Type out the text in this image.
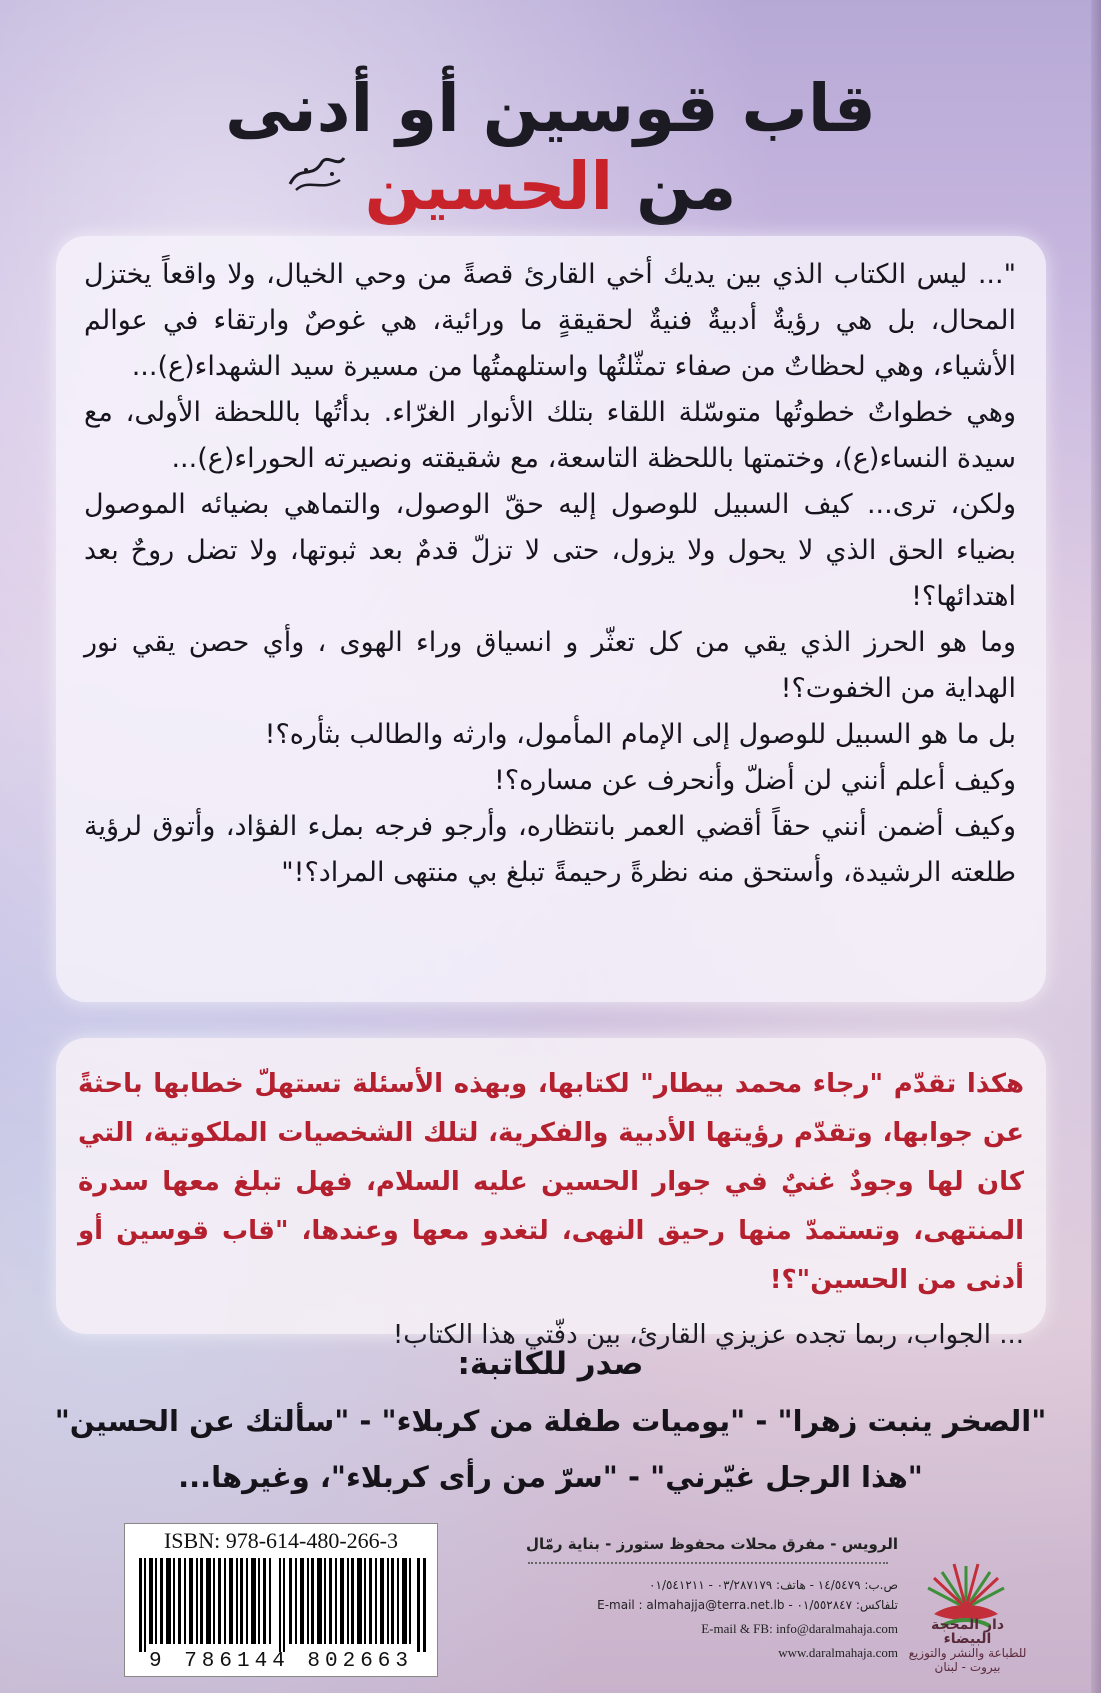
قاب قوسين أو أدنى
من الحسين

"... ليس الكتاب الذي بين يديك أخي القارئ قصةً من وحي الخيال، ولا واقعاً يختزل المحال، بل هي رؤيةٌ أدبيةٌ فنيةٌ لحقيقةٍ ما ورائية، هي غوصٌ وارتقاء في عوالم الأشياء، وهي لحظاتٌ من صفاء تمثّلتُها واستلهمتُها من مسيرة سيد الشهداء(ع)...

وهي خطواتٌ خطوتُها متوسّلة اللقاء بتلك الأنوار الغرّاء. بدأتُها باللحظة الأولى، مع سيدة النساء(ع)، وختمتها باللحظة التاسعة، مع شقيقته ونصيرته الحوراء(ع)...

ولكن، ترى... كيف السبيل للوصول إليه حقّ الوصول، والتماهي بضيائه الموصول بضياء الحق الذي لا يحول ولا يزول، حتى لا تزلّ قدمٌ بعد ثبوتها، ولا تضل روحٌ بعد اهتدائها؟!

وما هو الحرز الذي يقي من كل تعثّر و انسياق وراء الهوى ، وأي حصن يقي نور الهداية من الخفوت؟!

بل ما هو السبيل للوصول إلى الإمام المأمول، وارثه والطالب بثأره؟!

وكيف أعلم أنني لن أضلّ وأنحرف عن مساره؟!

وكيف أضمن أنني حقاً أقضي العمر بانتظاره، وأرجو فرجه بملء الفؤاد، وأتوق لرؤية طلعته الرشيدة، وأستحق منه نظرةً رحيمةً تبلغ بي منتهى المراد؟!"

هكذا تقدّم "رجاء محمد بيطار" لكتابها، وبهذه الأسئلة تستهلّ خطابها باحثةً عن جوابها، وتقدّم رؤيتها الأدبية والفكرية، لتلك الشخصيات الملكوتية، التي كان لها وجودٌ غنيٌ في جوار الحسين عليه السلام، فهل تبلغ معها سدرة المنتهى، وتستمدّ منها رحيق النهى، لتغدو معها وعندها، "قاب قوسين أو أدنى من الحسين"؟!

... الجواب، ربما تجده عزيزي القارئ، بين دفّتي هذا الكتاب!

صدر للكاتبة:
"الصخر ينبت زهرا" - "يوميات طفلة من كربلاء" - "سألتك عن الحسين"
"هذا الرجل غيّرني" - "سرّ من رأى كربلاء"، وغيرها...
ISBN: 978-614-480-266-3
9 786144 802663
الرويس - مفرق محلات محفوظ ستورز - بناية رمّال
ص.ب: ١٤/٥٤٧٩ - هاتف: ٠٣/٢٨٧١٧٩ - ٠١/٥٤١٢١١
تلفاكس: ٠١/٥٥٢٨٤٧ - E-mail : almahajja@terra.net.lb
E-mail & FB: info@daralmahaja.com
www.daralmahaja.com
دار المحجة البيضاء
للطباعة والنشر والتوزيع
بيروت - لبنان
